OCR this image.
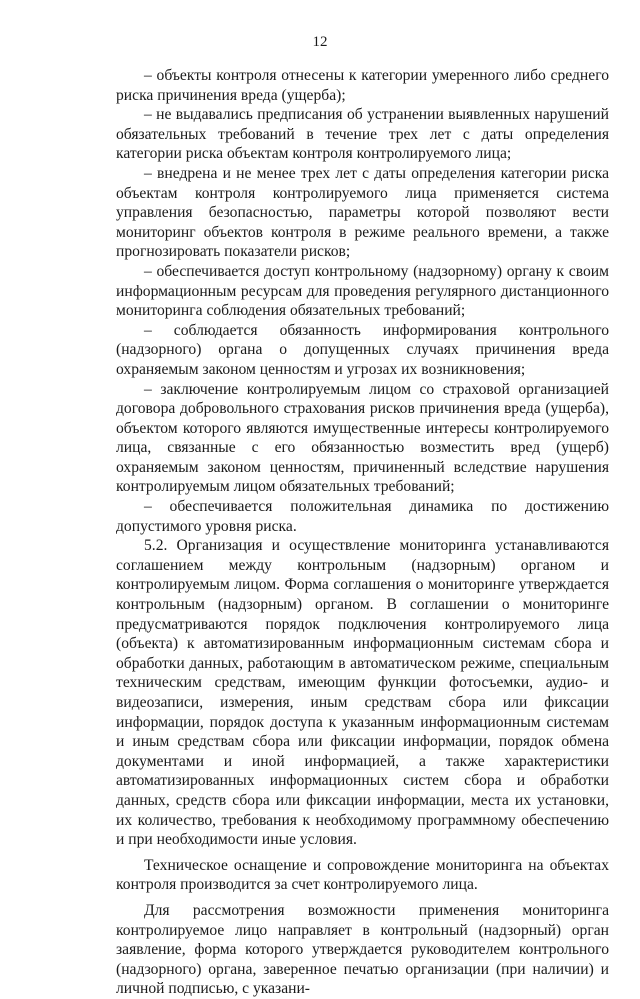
12

– объекты контроля отнесены к категории умеренного либо среднего риска причинения вреда (ущерба);

– не выдавались предписания об устранении выявленных нарушений обязательных требований в течение трех лет с даты определения категории риска объектам контроля контролируемого лица;

– внедрена и не менее трех лет с даты определения категории риска объектам контроля контролируемого лица применяется система управления безопасностью, параметры которой позволяют вести мониторинг объектов контроля в режиме реального времени, а также прогнозировать показатели рисков;

– обеспечивается доступ контрольному (надзорному) органу к своим информационным ресурсам для проведения регулярного дистанционного мониторинга соблюдения обязательных требований;

– соблюдается обязанность информирования контрольного (надзорного) органа о допущенных случаях причинения вреда охраняемым законом ценностям и угрозах их возникновения;

– заключение контролируемым лицом со страховой организацией договора добровольного страхования рисков причинения вреда (ущерба), объектом которого являются имущественные интересы контролируемого лица, связанные с его обязанностью возместить вред (ущерб) охраняемым законом ценностям, причиненный вследствие нарушения контролируемым лицом обязательных требований;

– обеспечивается положительная динамика по достижению допустимого уровня риска.

5.2. Организация и осуществление мониторинга устанавливаются соглашением между контрольным (надзорным) органом и контролируемым лицом. Форма соглашения о мониторинге утверждается контрольным (надзорным) органом. В соглашении о мониторинге предусматриваются порядок подключения контролируемого лица (объекта) к автоматизированным информационным системам сбора и обработки данных, работающим в автоматическом режиме, специальным техническим средствам, имеющим функции фотосъемки, аудио- и видеозаписи, измерения, иным средствам сбора или фиксации информации, порядок доступа к указанным информационным системам и иным средствам сбора или фиксации информации, порядок обмена документами и иной информацией, а также характеристики автоматизированных информационных систем сбора и обработки данных, средств сбора или фиксации информации, места их установки, их количество, требования к необходимому программному обеспечению и при необходимости иные условия.

Техническое оснащение и сопровождение мониторинга на объектах контроля производится за счет контролируемого лица.

Для рассмотрения возможности применения мониторинга контролируемое лицо направляет в контрольный (надзорный) орган заявление, форма которого утверждается руководителем контрольного (надзорного) органа, заверенное печатью организации (при наличии) и личной подписью, с указани-
